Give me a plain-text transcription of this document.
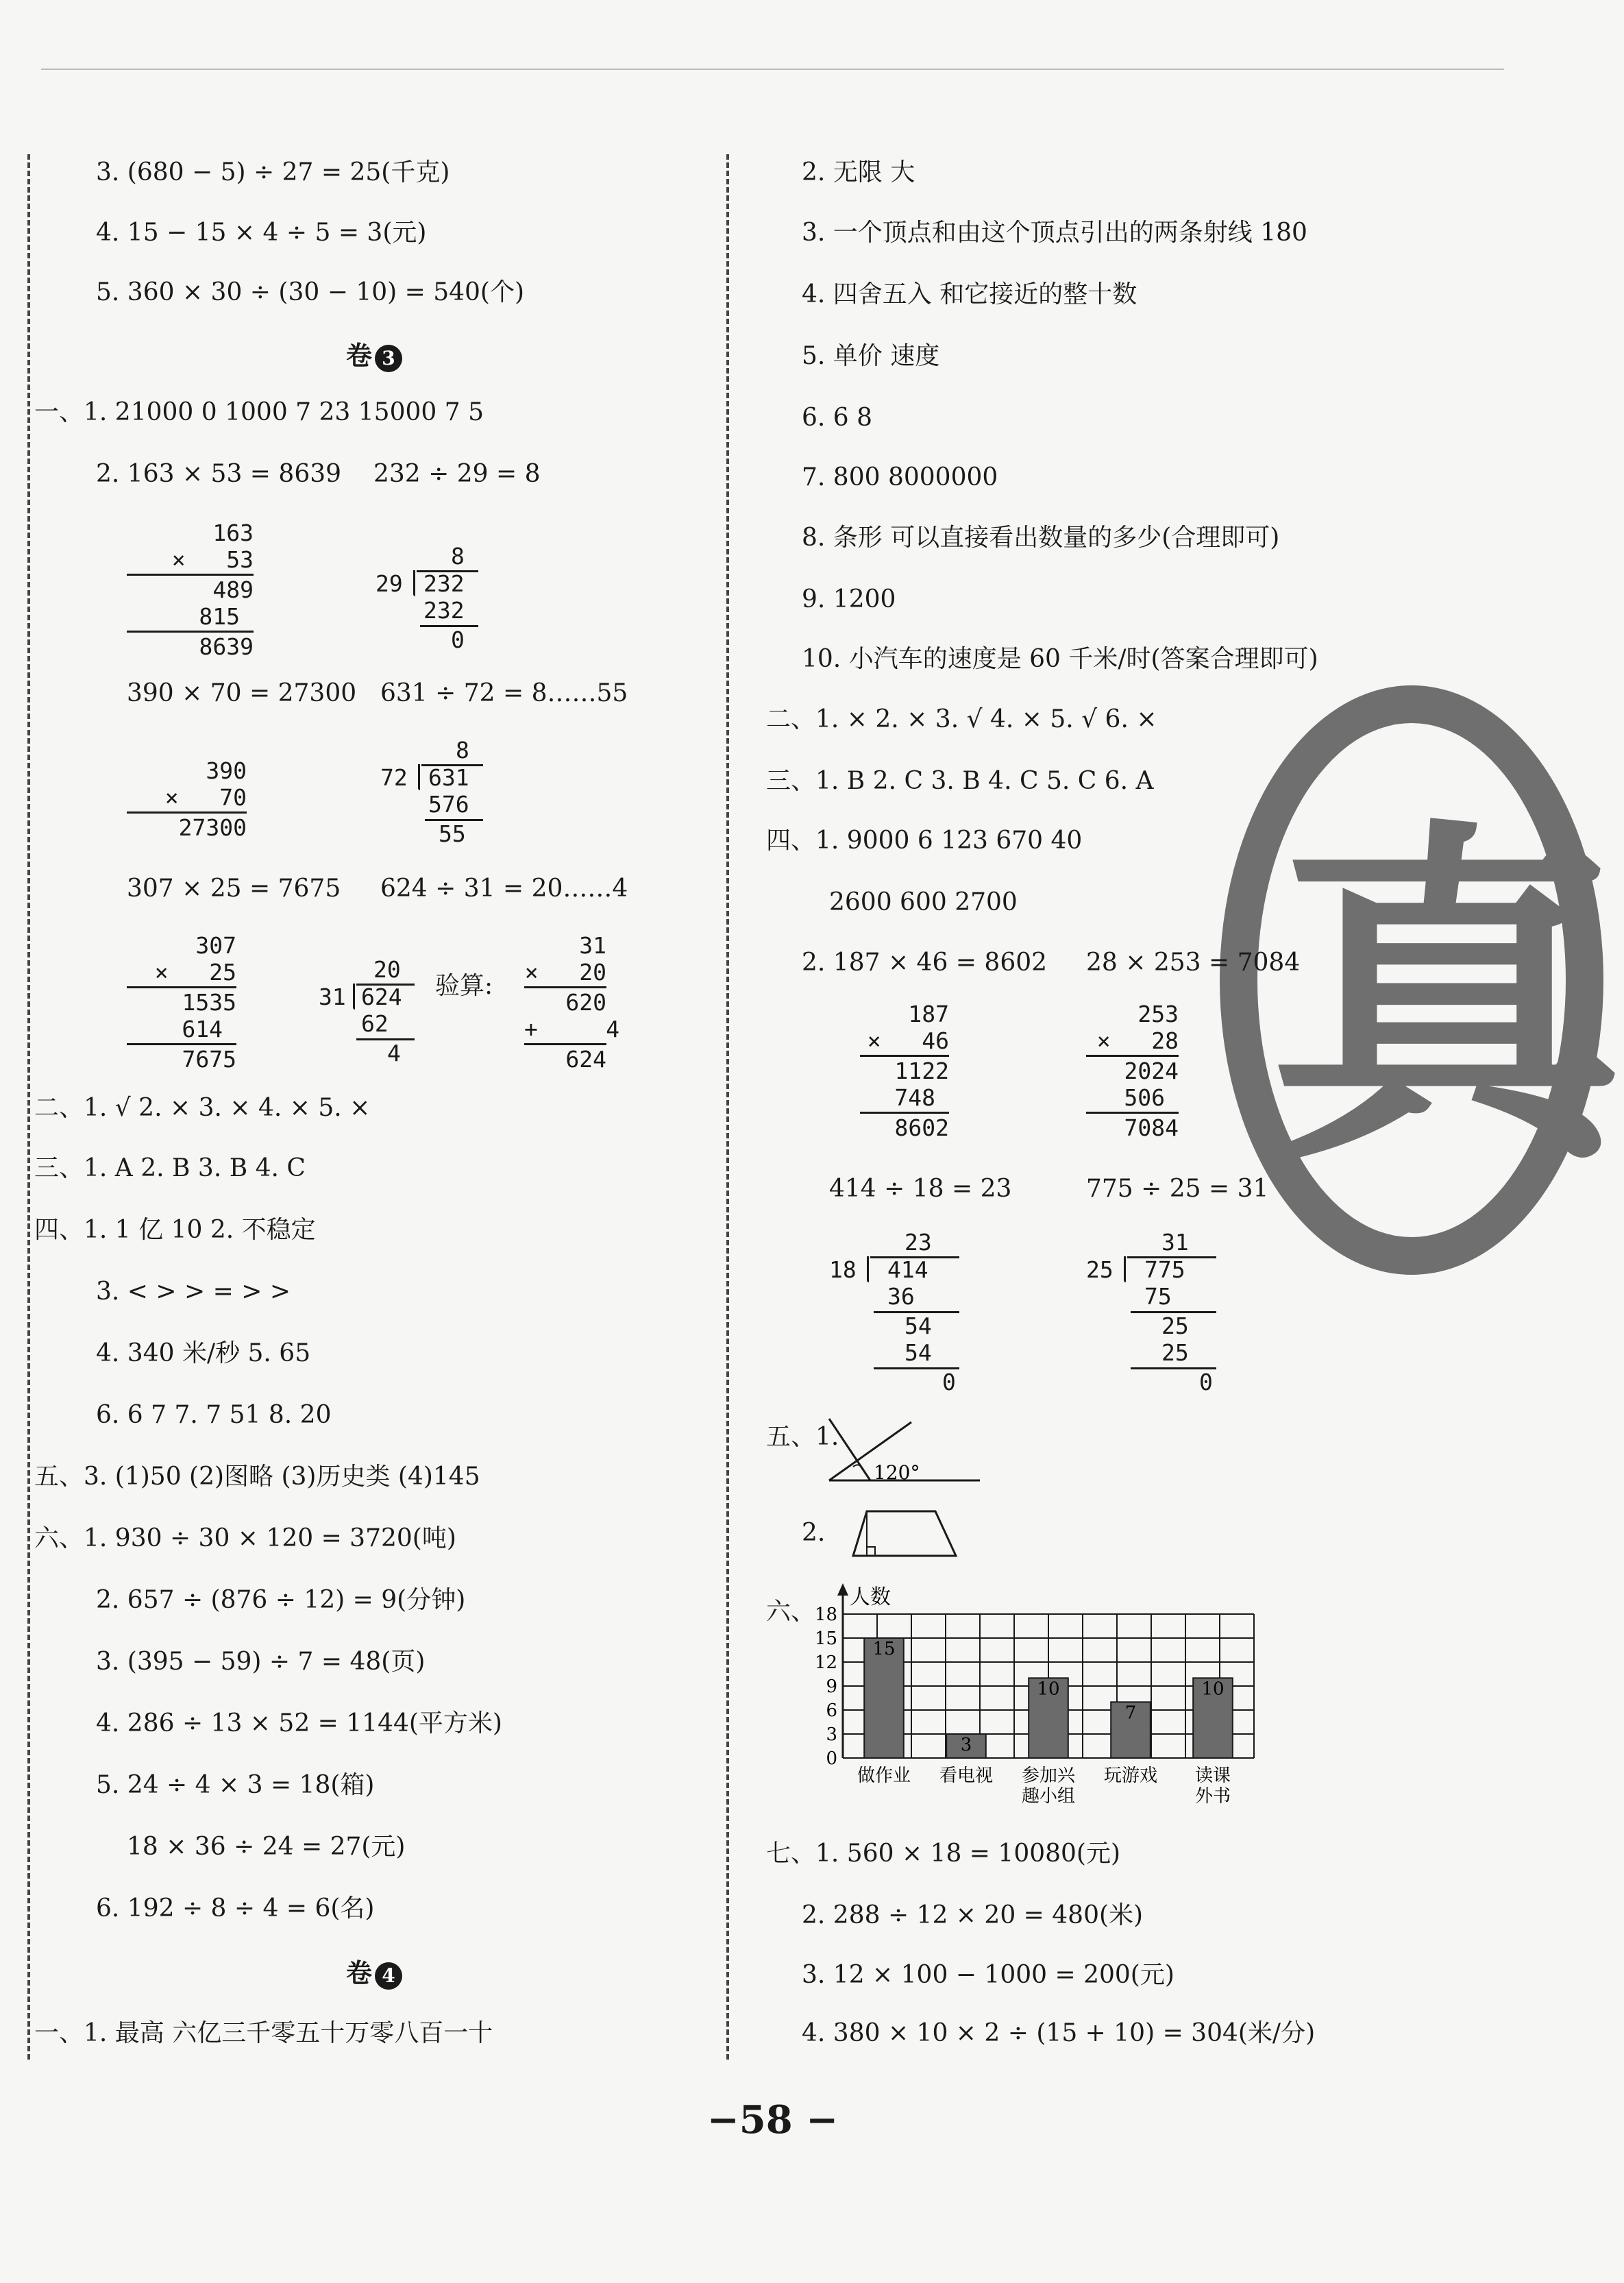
真
3. (680 − 5) ÷ 27 = 25(千克)
4. 15 − 15 × 4 ÷ 5 = 3(元)
5. 360 × 30 ÷ (30 − 10) = 540(个)
卷 3
一、1. 21000 0 1000 7 23 15000 7 5
2. 163 × 53 = 8639 232 ÷ 29 = 8
163
×   53
489
815
8639
8
29 232
232
0
390 × 70 = 27300 631 ÷ 72 = 8……55
390
×   70
27300
8
72 631
576
55
307 × 25 = 7675 624 ÷ 31 = 20……4
307
×   25
1535
614
7675
20
31 624
62
4
验算:
31
×   20
620
+     4
624
二、1. √ 2. × 3. × 4. × 5. ×
三、1. A 2. B 3. B 4. C
四、1. 1 亿 10 2. 不稳定
3. < > > = > >
4. 340 米/秒 5. 65
6. 6 7 7. 7 51 8. 20
五、3. (1)50 (2)图略 (3)历史类 (4)145
六、1. 930 ÷ 30 × 120 = 3720(吨)
2. 657 ÷ (876 ÷ 12) = 9(分钟)
3. (395 − 59) ÷ 7 = 48(页)
4. 286 ÷ 13 × 52 = 1144(平方米)
5. 24 ÷ 4 × 3 = 18(箱)
18 × 36 ÷ 24 = 27(元)
6. 192 ÷ 8 ÷ 4 = 6(名)
卷 4
一、1. 最高 六亿三千零五十万零八百一十
2. 无限 大
3. 一个顶点和由这个顶点引出的两条射线 180
4. 四舍五入 和它接近的整十数
5. 单价 速度
6. 6 8
7. 800 8000000
8. 条形 可以直接看出数量的多少(合理即可)
9. 1200
10. 小汽车的速度是 60 千米/时(答案合理即可)
二、1. × 2. × 3. √ 4. × 5. √ 6. ×
三、1. B 2. C 3. B 4. C 5. C 6. A
四、1. 9000 6 123 670 40
2600 600 2700
2. 187 × 46 = 8602 28 × 253 = 7084
187
×   46
1122
748
8602
253
×   28
2024
506
7084
414 ÷ 18 = 23	775 ÷ 25 = 31
23
18 414
36
54
54
0
31
25 775
75
25
25
0
五、1.
120°
2.
六、
15
3
10
7
10
0
3
6
9
12
15
18
做作业 看电视 参加兴
趣小组
玩游戏 读课
外书
人数
七、1. 560 × 18 = 10080(元)
2. 288 ÷ 12 × 20 = 480(米)
3. 12 × 100 − 1000 = 200(元)
4. 380 × 10 × 2 ÷ (15 + 10) = 304(米/分)
−58 −
